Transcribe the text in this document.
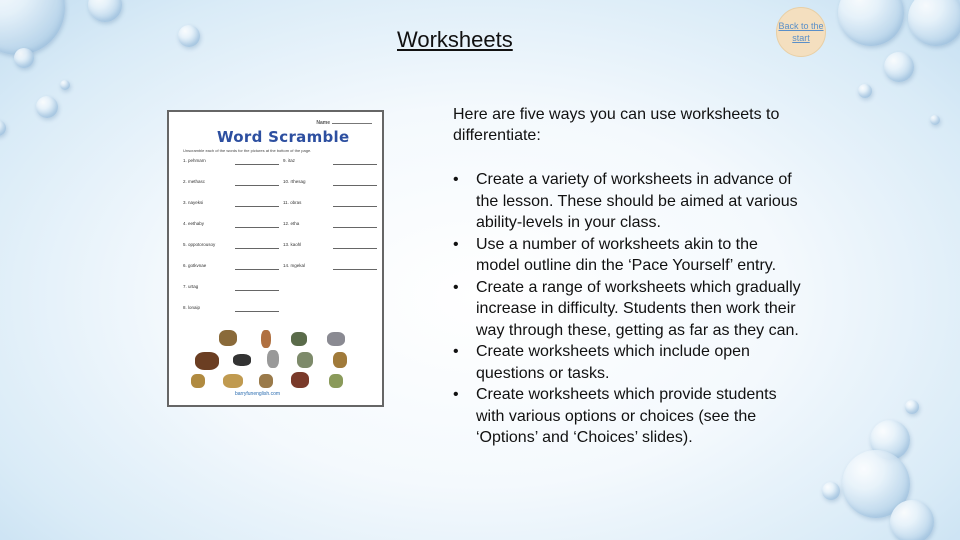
Worksheets
Back to the start
Name
Word Scramble
Unscramble each of the words for the pictures at the bottom of the page.
1. pehmarn
2. methasc
3. nayeksi
4. eethaby
5. oppotorousoy
6. gotkvnae
7. urtag
8. lonaip
9. itaz
10. rthesag
11. obras
12. etha
13. kaohl
14. mgekal
barryfunenglish.com
Here are five ways you can use worksheets to differentiate:
• Create a variety of worksheets in advance of the lesson. These should be aimed at various ability-levels in your class.
• Use a number of worksheets akin to the model outline din the ‘Pace Yourself’ entry.
• Create a range of worksheets which gradually increase in difficulty. Students then work their way through these, getting as far as they can.
• Create worksheets which include open questions or tasks.
• Create worksheets which provide students with various options or choices (see the ‘Options’ and ‘Choices’ slides).
